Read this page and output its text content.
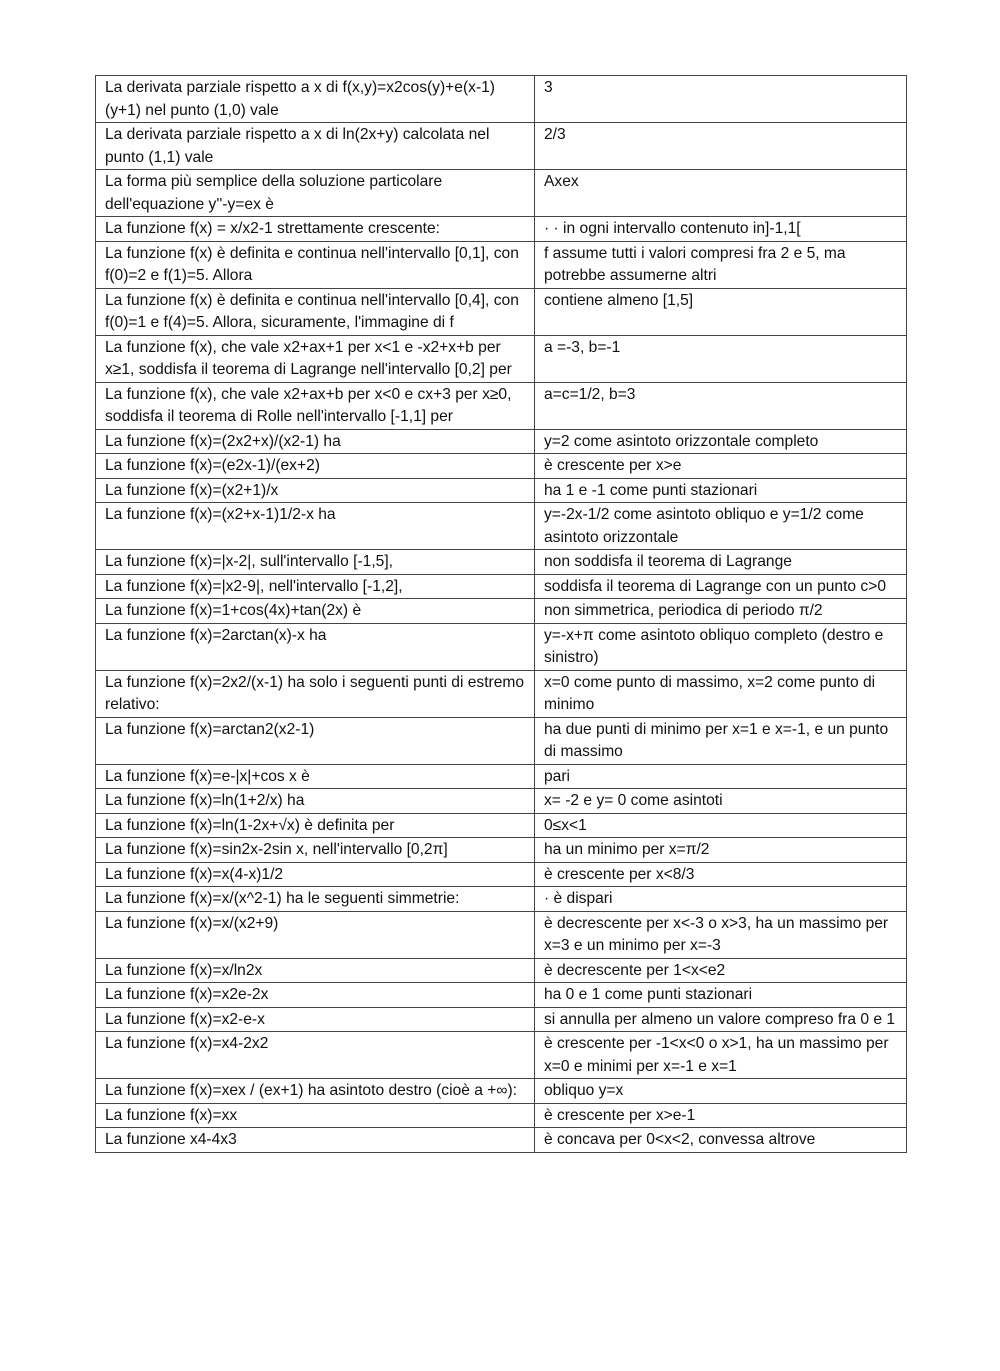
La derivata parziale rispetto a x di f(x,y)=x2cos(y)+e(x-1)(y+1) nel punto (1,0) vale	3
La derivata parziale rispetto a x di ln(2x+y) calcolata nel punto (1,1) vale	2/3
La forma più semplice della soluzione particolare dell'equazione y''-y=ex è	Axex
La funzione f(x) = x/x2-1 strettamente crescente:	· · in ogni intervallo contenuto in]-1,1[
La funzione f(x) è definita e continua nell'intervallo [0,1], con f(0)=2 e f(1)=5. Allora	f assume tutti i valori compresi fra 2 e 5, ma potrebbe assumerne altri
La funzione f(x) è definita e continua nell'intervallo [0,4], con f(0)=1 e f(4)=5. Allora, sicuramente, l'immagine di f	contiene almeno [1,5]
La funzione f(x), che vale x2+ax+1 per x<1 e -x2+x+b per x≥1, soddisfa il teorema di Lagrange nell'intervallo [0,2] per	a =-3, b=-1
La funzione f(x), che vale x2+ax+b per x<0 e cx+3 per x≥0, soddisfa il teorema di Rolle nell'intervallo [-1,1] per	a=c=1/2, b=3
La funzione f(x)=(2x2+x)/(x2-1) ha	y=2 come asintoto orizzontale completo
La funzione f(x)=(e2x-1)/(ex+2)	è crescente per x>e
La funzione f(x)=(x2+1)/x	ha 1 e -1 come punti stazionari
La funzione f(x)=(x2+x-1)1/2-x ha	y=-2x-1/2 come asintoto obliquo e y=1/2 come asintoto orizzontale
La funzione f(x)=|x-2|, sull'intervallo [-1,5],	non soddisfa il teorema di Lagrange
La funzione f(x)=|x2-9|, nell'intervallo [-1,2],	soddisfa il teorema di Lagrange con un punto c>0
La funzione f(x)=1+cos(4x)+tan(2x) è	non simmetrica, periodica di periodo π/2
La funzione f(x)=2arctan(x)-x ha	y=-x+π come asintoto obliquo completo (destro e sinistro)
La funzione f(x)=2x2/(x-1) ha solo i seguenti punti di estremo relativo:	x=0 come punto di massimo, x=2 come punto di minimo
La funzione f(x)=arctan2(x2-1)	ha due punti di minimo per x=1 e x=-1, e un punto di massimo
La funzione f(x)=e-|x|+cos x è	pari
La funzione f(x)=ln(1+2/x) ha	x= -2 e y= 0 come asintoti
La funzione f(x)=ln(1-2x+√x) è definita per	0≤x<1
La funzione f(x)=sin2x-2sin x, nell'intervallo [0,2π]	ha un minimo per x=π/2
La funzione f(x)=x(4-x)1/2	è crescente per x<8/3
La funzione f(x)=x/(x^2-1) ha le seguenti simmetrie:	· è dispari
La funzione f(x)=x/(x2+9)	è decrescente per x<-3 o x>3, ha un massimo per x=3 e un minimo per x=-3
La funzione f(x)=x/ln2x	è decrescente per 1<x<e2
La funzione f(x)=x2e-2x	ha 0 e 1 come punti stazionari
La funzione f(x)=x2-e-x	si annulla per almeno un valore compreso fra 0 e 1
La funzione f(x)=x4-2x2	è crescente per -1<x<0 o x>1, ha un massimo per x=0 e minimi per x=-1 e x=1
La funzione f(x)=xex / (ex+1) ha asintoto destro (cioè a +∞):	obliquo y=x
La funzione f(x)=xx	è crescente per x>e-1
La funzione x4-4x3	è concava per 0<x<2, convessa altrove
